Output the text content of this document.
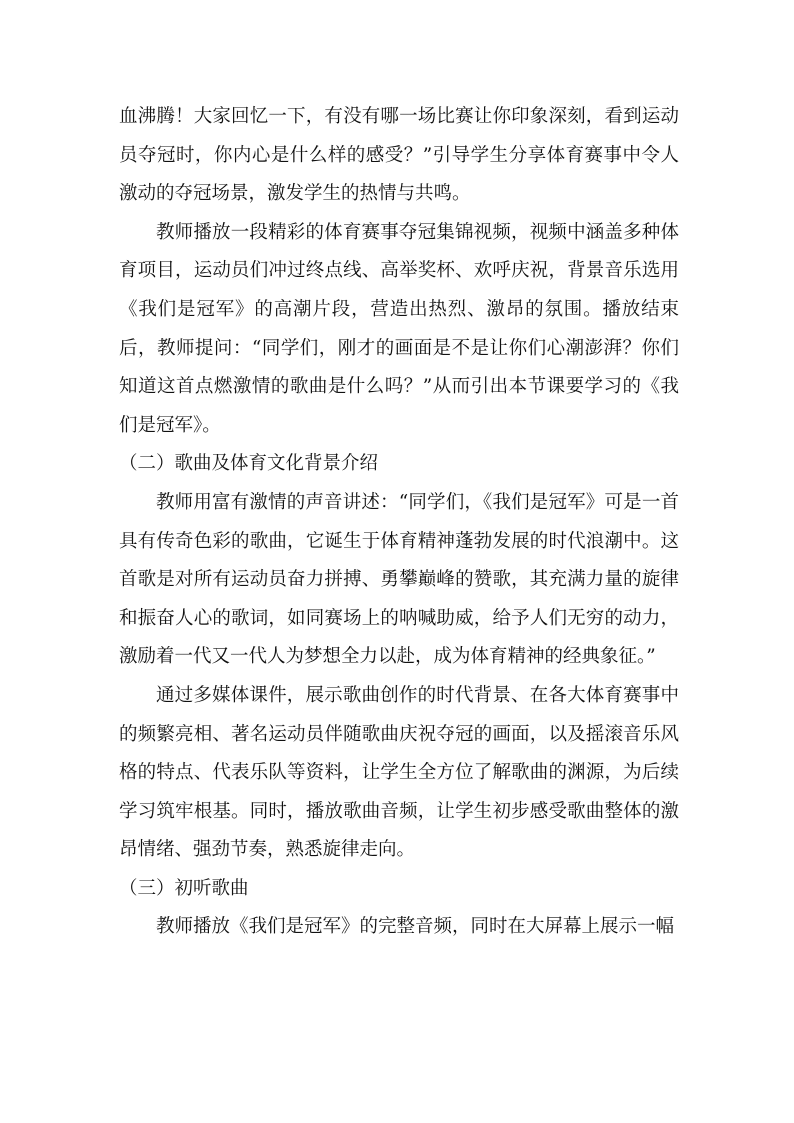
血沸腾！大家回忆一下，有没有哪一场比赛让你印象深刻，看到运动员夺冠时，你内心是什么样的感受？”引导学生分享体育赛事中令人激动的夺冠场景，激发学生的热情与共鸣。

教师播放一段精彩的体育赛事夺冠集锦视频，视频中涵盖多种体育项目，运动员们冲过终点线、高举奖杯、欢呼庆祝，背景音乐选用《我们是冠军》的高潮片段，营造出热烈、激昂的氛围。播放结束后，教师提问：“同学们，刚才的画面是不是让你们心潮澎湃？你们知道这首点燃激情的歌曲是什么吗？”从而引出本节课要学习的《我们是冠军》。

（二）歌曲及体育文化背景介绍

教师用富有激情的声音讲述：“同学们，《我们是冠军》可是一首具有传奇色彩的歌曲，它诞生于体育精神蓬勃发展的时代浪潮中。这首歌是对所有运动员奋力拼搏、勇攀巅峰的赞歌，其充满力量的旋律和振奋人心的歌词，如同赛场上的呐喊助威，给予人们无穷的动力，激励着一代又一代人为梦想全力以赴，成为体育精神的经典象征。”

通过多媒体课件，展示歌曲创作的时代背景、在各大体育赛事中的频繁亮相、著名运动员伴随歌曲庆祝夺冠的画面，以及摇滚音乐风格的特点、代表乐队等资料，让学生全方位了解歌曲的渊源，为后续学习筑牢根基。同时，播放歌曲音频，让学生初步感受歌曲整体的激昂情绪、强劲节奏，熟悉旋律走向。

（三）初听歌曲

教师播放《我们是冠军》的完整音频，同时在大屏幕上展示一幅
